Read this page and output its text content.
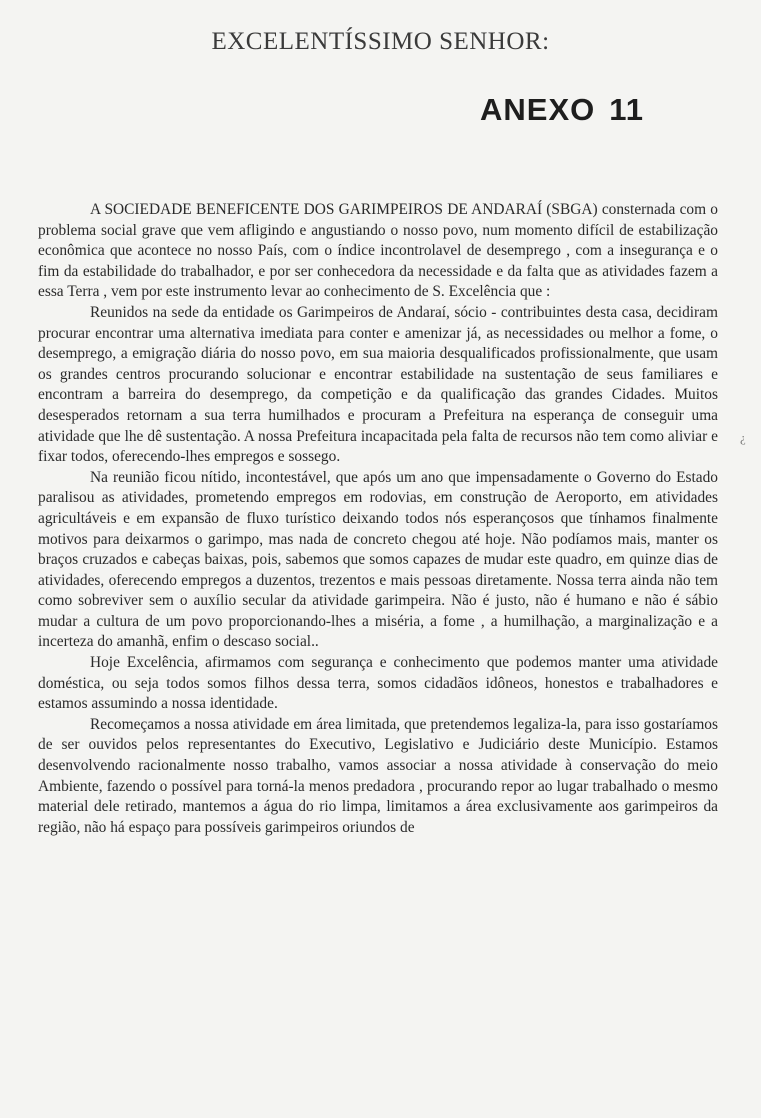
EXCELENTÍSSIMO SENHOR:
ANEXO 11

A SOCIEDADE BENEFICENTE DOS GARIMPEIROS DE ANDARAÍ (SBGA) consternada com o problema social grave que vem afligindo e angustiando o nosso povo, num momento difícil de estabilização econômica que acontece no nosso País, com o índice incontrolavel de desemprego , com a insegurança e o fim da estabilidade do trabalhador, e por ser conhecedora da necessidade e da falta que as atividades fazem a essa Terra , vem por este instrumento levar ao conhecimento de S. Excelência que :

Reunidos na sede da entidade os Garimpeiros de Andaraí, sócio - contribuintes desta casa, decidiram procurar encontrar uma alternativa imediata para conter e amenizar já, as necessidades ou melhor a fome, o desemprego, a emigração diária do nosso povo, em sua maioria desqualificados profissionalmente, que usam os grandes centros procurando solucionar e encontrar estabilidade na sustentação de seus familiares e encontram a barreira do desemprego, da competição e da qualificação das grandes Cidades. Muitos desesperados retornam a sua terra humilhados e procuram a Prefeitura na esperança de conseguir uma atividade que lhe dê sustentação. A nossa Prefeitura incapacitada pela falta de recursos não tem como aliviar e fixar todos, oferecendo-lhes empregos e sossego.

Na reunião ficou nítido, incontestável, que após um ano que impensadamente o Governo do Estado paralisou as atividades, prometendo empregos em rodovias, em construção de Aeroporto, em atividades agricultáveis e em expansão de fluxo turístico deixando todos nós esperançosos que tínhamos finalmente motivos para deixarmos o garimpo, mas nada de concreto chegou até hoje. Não podíamos mais, manter os braços cruzados e cabeças baixas, pois, sabemos que somos capazes de mudar este quadro, em quinze dias de atividades, oferecendo empregos a duzentos, trezentos e mais pessoas diretamente. Nossa terra ainda não tem como sobreviver sem o auxílio secular da atividade garimpeira. Não é justo, não é humano e não é sábio mudar a cultura de um povo proporcionando-lhes a miséria, a fome , a humilhação, a marginalização e a incerteza do amanhã, enfim o descaso social..

Hoje Excelência, afirmamos com segurança e conhecimento que podemos manter uma atividade doméstica, ou seja todos somos filhos dessa terra, somos cidadãos idôneos, honestos e trabalhadores e estamos assumindo a nossa identidade.

Recomeçamos a nossa atividade em área limitada, que pretendemos legaliza-la, para isso gostaríamos de ser ouvidos pelos representantes do Executivo, Legislativo e Judiciário deste Município. Estamos desenvolvendo racionalmente nosso trabalho, vamos associar a nossa atividade à conservação do meio Ambiente, fazendo o possível para torná-la menos predadora , procurando repor ao lugar trabalhado o mesmo material dele retirado, mantemos a água do rio limpa, limitamos a área exclusivamente aos garimpeiros da região, não há espaço para possíveis garimpeiros oriundos de

¿
